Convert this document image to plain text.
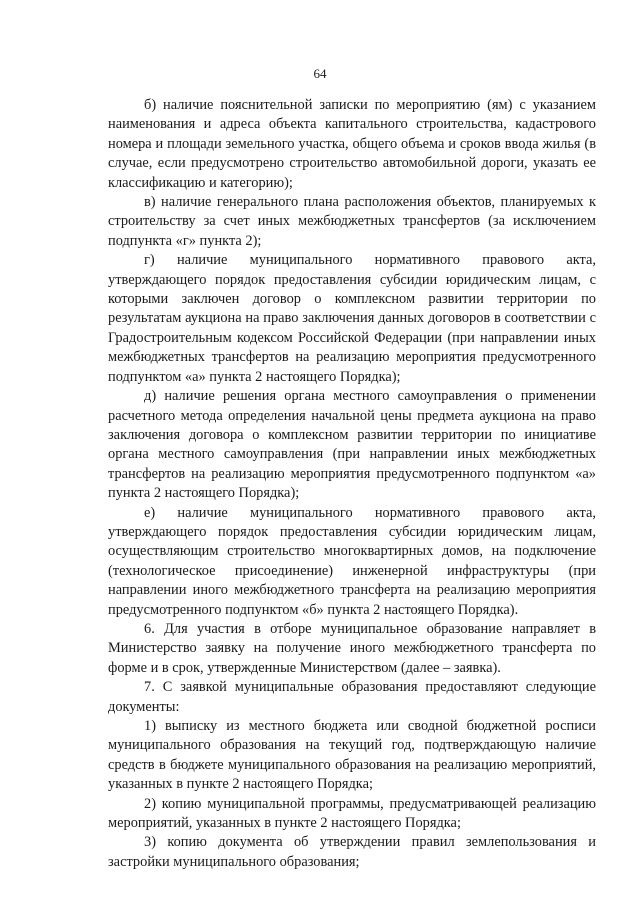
64

б) наличие пояснительной записки по мероприятию (ям) с указанием наименования и адреса объекта капитального строительства, кадастрового номера и площади земельного участка, общего объема и сроков ввода жилья (в случае, если предусмотрено строительство автомобильной дороги, указать ее классификацию и категорию);

в) наличие генерального плана расположения объектов, планируемых к строительству за счет иных межбюджетных трансфертов (за исключением подпункта «г» пункта 2);

г) наличие муниципального нормативного правового акта, утверждающего порядок предоставления субсидии юридическим лицам, с которыми заключен договор о комплексном развитии территории по результатам аукциона на право заключения данных договоров в соответствии с Градостроительным кодексом Российской Федерации (при направлении иных межбюджетных трансфертов на реализацию мероприятия предусмотренного подпунктом «а» пункта 2 настоящего Порядка);

д) наличие решения органа местного самоуправления о применении расчетного метода определения начальной цены предмета аукциона на право заключения договора о комплексном развитии территории по инициативе органа местного самоуправления (при направлении иных межбюджетных трансфертов на реализацию мероприятия предусмотренного подпунктом «а» пункта 2 настоящего Порядка);

е) наличие муниципального нормативного правового акта, утверждающего порядок предоставления субсидии юридическим лицам, осуществляющим строительство многоквартирных домов, на подключение (технологическое присоединение) инженерной инфраструктуры (при направлении иного межбюджетного трансферта на реализацию мероприятия предусмотренного подпунктом «б» пункта 2 настоящего Порядка).

6. Для участия в отборе муниципальное образование направляет в Министерство заявку на получение иного межбюджетного трансферта по форме и в срок, утвержденные Министерством (далее – заявка).

7. С заявкой муниципальные образования предоставляют следующие документы:

1) выписку из местного бюджета или сводной бюджетной росписи муниципального образования на текущий год, подтверждающую наличие средств в бюджете муниципального образования на реализацию мероприятий, указанных в пункте 2 настоящего Порядка;

2) копию муниципальной программы, предусматривающей реализацию мероприятий, указанных в пункте 2 настоящего Порядка;

3) копию документа об утверждении правил землепользования и застройки муниципального образования;
